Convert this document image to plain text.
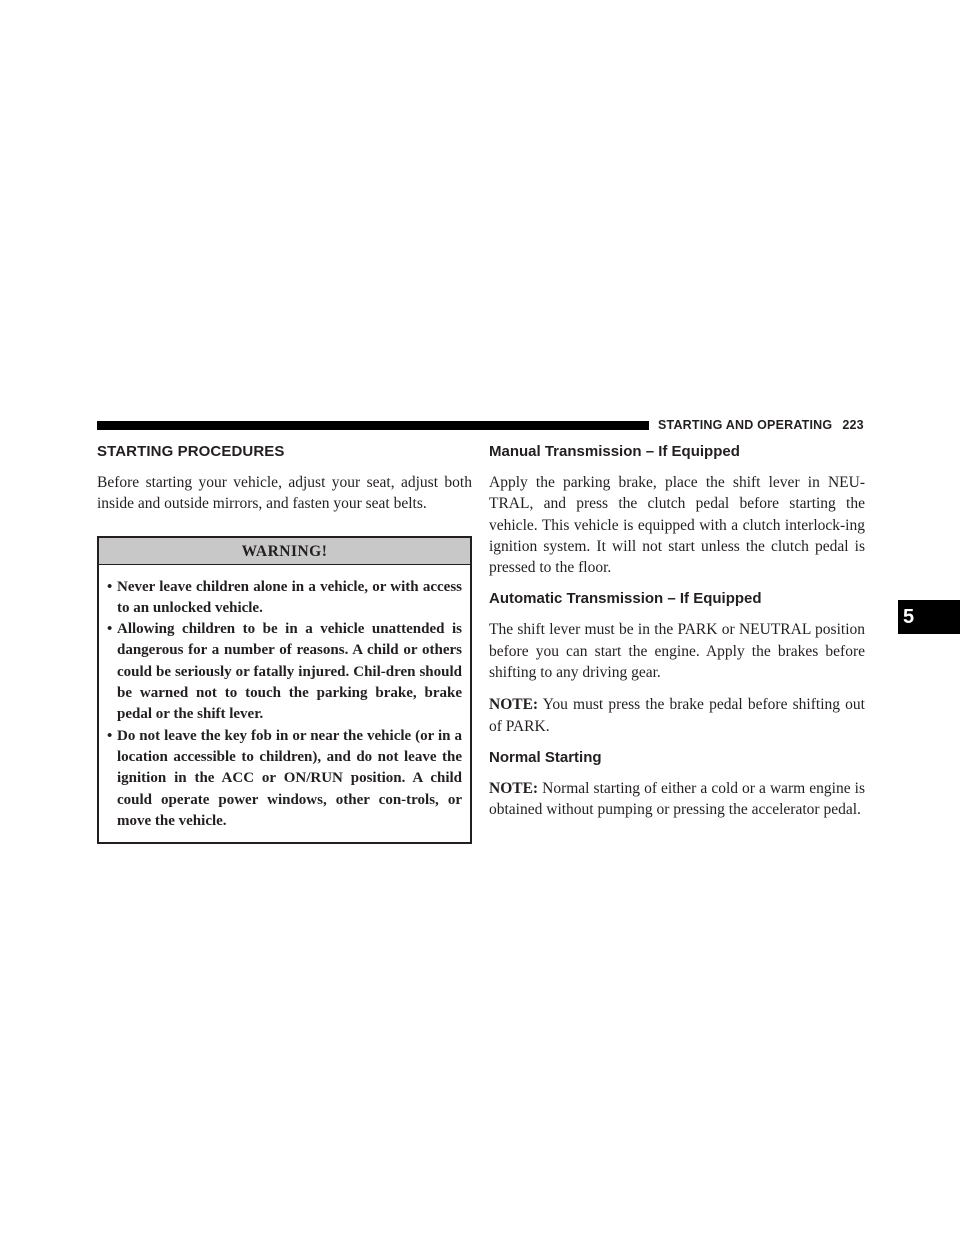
STARTING AND OPERATING 223
5
STARTING PROCEDURES

Before starting your vehicle, adjust your seat, adjust both inside and outside mirrors, and fasten your seat belts.

WARNING!
• Never leave children alone in a vehicle, or with access to an unlocked vehicle.
• Allowing children to be in a vehicle unattended is dangerous for a number of reasons. A child or others could be seriously or fatally injured. Chil-dren should be warned not to touch the parking brake, brake pedal or the shift lever.
• Do not leave the key fob in or near the vehicle (or in a location accessible to children), and do not leave the ignition in the ACC or ON/RUN position. A child could operate power windows, other con-trols, or move the vehicle.
Manual Transmission – If Equipped

Apply the parking brake, place the shift lever in NEU-TRAL, and press the clutch pedal before starting the vehicle. This vehicle is equipped with a clutch interlock-ing ignition system. It will not start unless the clutch pedal is pressed to the floor.

Automatic Transmission – If Equipped

The shift lever must be in the PARK or NEUTRAL position before you can start the engine. Apply the brakes before shifting to any driving gear.

NOTE: You must press the brake pedal before shifting out of PARK.

Normal Starting

NOTE: Normal starting of either a cold or a warm engine is obtained without pumping or pressing the accelerator pedal.
